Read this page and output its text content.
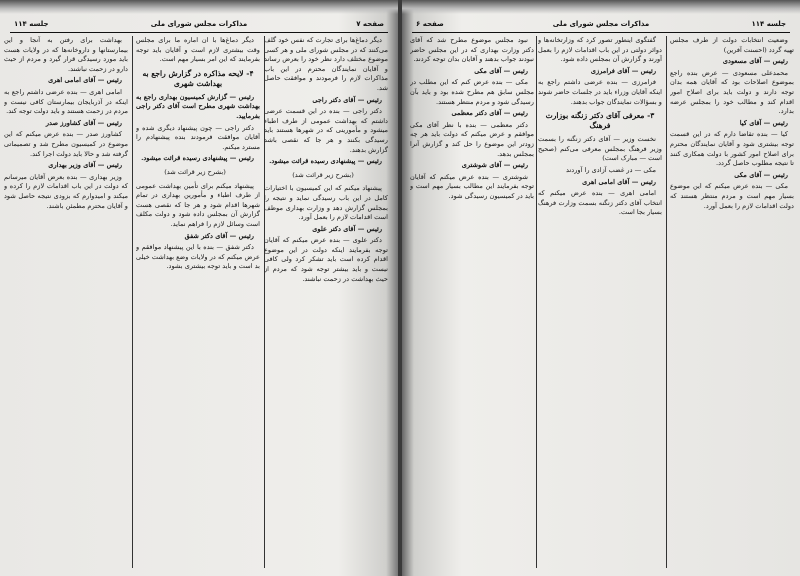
صفحه ۷
مذاکرات مجلس شورای ملی
جلسه ۱۱۴

دیگر دماغ‌ها برای تجارت که نفس خود گلف می‌کنند که در مجلس شورای ملی و هر کسی موضوع مختلف دارد نظر خود را بعرض رساند و آقایان نمایندگان محترم در این باب مذاکرات لازم را فرمودند و موافقت حاصل شد.

رئیس — آقای دکتر راجی

دکتر راجی — بنده در این قسمت عرضی داشتم که بهداشت عمومی از طرف اطباء میشود و مأمورینی که در شهرها هستند باید رسیدگی بکنند و هر جا که نقصی باشد گزارش بدهند.

رئیس — پیشنهادی رسیده قرائت میشود.

(بشرح زیر قرائت شد)

پیشنهاد میکنم که این کمیسیون با اختیارات کامل در این باب رسیدگی نماید و نتیجه را بمجلس گزارش دهد و وزارت بهداری موظف است اقدامات لازم را بعمل آورد.

رئیس — آقای دکتر علوی

دکتر علوی — بنده عرض میکنم که آقایان توجه بفرمایند اینکه دولت در این موضوع اقدام کرده است باید تشکر کرد ولی کافی نیست و باید بیشتر توجه شود که مردم از حیث بهداشت در زحمت نباشند.

دیگر دماغ‌ها با ان اماره ما برای مجلس وقت بیشتری لازم است و آقایان باید توجه بفرمایند که این امر بسیار مهم است.

۴- لایحه مذاکره در گزارش راجع به بهداشت شهری

رئیس — گزارش کمیسیون بهداری راجع به بهداشت شهری مطرح است آقای دکتر راجی بفرمایید.

دکتر راجی — چون پیشنهاد دیگری شده و آقایان موافقت فرمودند بنده پیشنهادم را مسترد میکنم.

رئیس — پیشنهادی رسیده قرائت میشود.

(بشرح زیر قرائت شد)

پیشنهاد میکنم برای تأمین بهداشت عمومی از طرف اطباء و مأمورین بهداری در تمام شهرها اقدام شود و هر جا که نقصی هست گزارش آن بمجلس داده شود و دولت مکلف است وسائل لازم را فراهم نماید.

رئیس — آقای دکتر شفق

دکتر شفق — بنده با این پیشنهاد موافقم و عرض میکنم که در ولایات وضع بهداشت خیلی بد است و باید توجه بیشتری بشود.

بهداشت برای رفتن به آنجا و این بیمارستانها و داروخانه‌ها که در ولایات هست باید مورد رسیدگی قرار گیرد و مردم از حیث دارو در زحمت نباشند.

رئیس — آقای امامی اهری

امامی اهری — بنده عرضی داشتم راجع به اینکه در آذربایجان بیمارستان کافی نیست و مردم در زحمت هستند و باید دولت توجه کند.

رئیس — آقای کشاورز صدر

کشاورز صدر — بنده عرض میکنم که این موضوع در کمیسیون مطرح شد و تصمیماتی گرفته شد و حالا باید دولت اجرا کند.

رئیس — آقای وزیر بهداری

وزیر بهداری — بنده بعرض آقایان میرسانم که دولت در این باب اقدامات لازم را کرده و میکند و امیدوارم که بزودی نتیجه حاصل شود و آقایان محترم مطمئن باشند.

جلسه ۱۱۴
مذاکرات مجلس شورای ملی
صفحه ۶

وضعیت انتخابات دولت از طرف مجلس تهیه گردد (احسنت آفرین)

رئیس — آقای مسعودی

محمدعلی مسعودی — عرض بنده راجع بموضوع اصلاحات بود که آقایان همه بدان توجه دارند و دولت باید برای اصلاح امور اقدام کند و مطالب خود را بمجلس عرضه بدارد.

رئیس — آقای کیا

کیا — بنده تقاضا دارم که در این قسمت توجه بیشتری شود و آقایان نمایندگان محترم برای اصلاح امور کشور با دولت همکاری کنند تا نتیجه مطلوب حاصل گردد.

رئیس — آقای مکی

مکی — بنده عرض میکنم که این موضوع بسیار مهم است و مردم منتظر هستند که دولت اقدامات لازم را بعمل آورد.

گفتگوی اینطور تصور کرد که وزارتخانه‌ها و دوائر دولتی در این باب اقدامات لازم را بعمل آورند و گزارش آن بمجلس داده شود.

رئیس — آقای فرامرزی

فرامرزی — بنده عرضی داشتم راجع به اینکه آقایان وزراء باید در جلسات حاضر شوند و بسؤالات نمایندگان جواب بدهند.

۳- معرفی آقای دکتر زنگنه بوزارت فرهنگ

نخست وزیر — آقای دکتر زنگنه را بسمت وزیر فرهنگ بمجلس معرفی می‌کنم (صحیح است — مبارک است)

مکی — در غضب آزادی را آوردند

رئیس — آقای امامی اهری

امامی اهری — بنده عرض میکنم که انتخاب آقای دکتر زنگنه بسمت وزارت فرهنگ بسیار بجا است.

نبود مجلس موضوع مطرح شد که آقای دکتر وزارت بهداری که در این مجلس حاضر نبودند جواب بدهند و آقایان بدان توجه کردند.

رئیس — آقای مکی

مکی — بنده عرض کنم که این مطلب در مجلس سابق هم مطرح شده بود و باید بآن رسیدگی شود و مردم منتظر هستند.

رئیس — آقای دکتر معظمی

دکتر معظمی — بنده با نظر آقای مکی موافقم و عرض میکنم که دولت باید هر چه زودتر این موضوع را حل کند و گزارش آنرا بمجلس بدهد.

رئیس — آقای شوشتری

شوشتری — بنده عرض میکنم که آقایان توجه بفرمایند این مطالب بسیار مهم است و باید در کمیسیون رسیدگی شود.
